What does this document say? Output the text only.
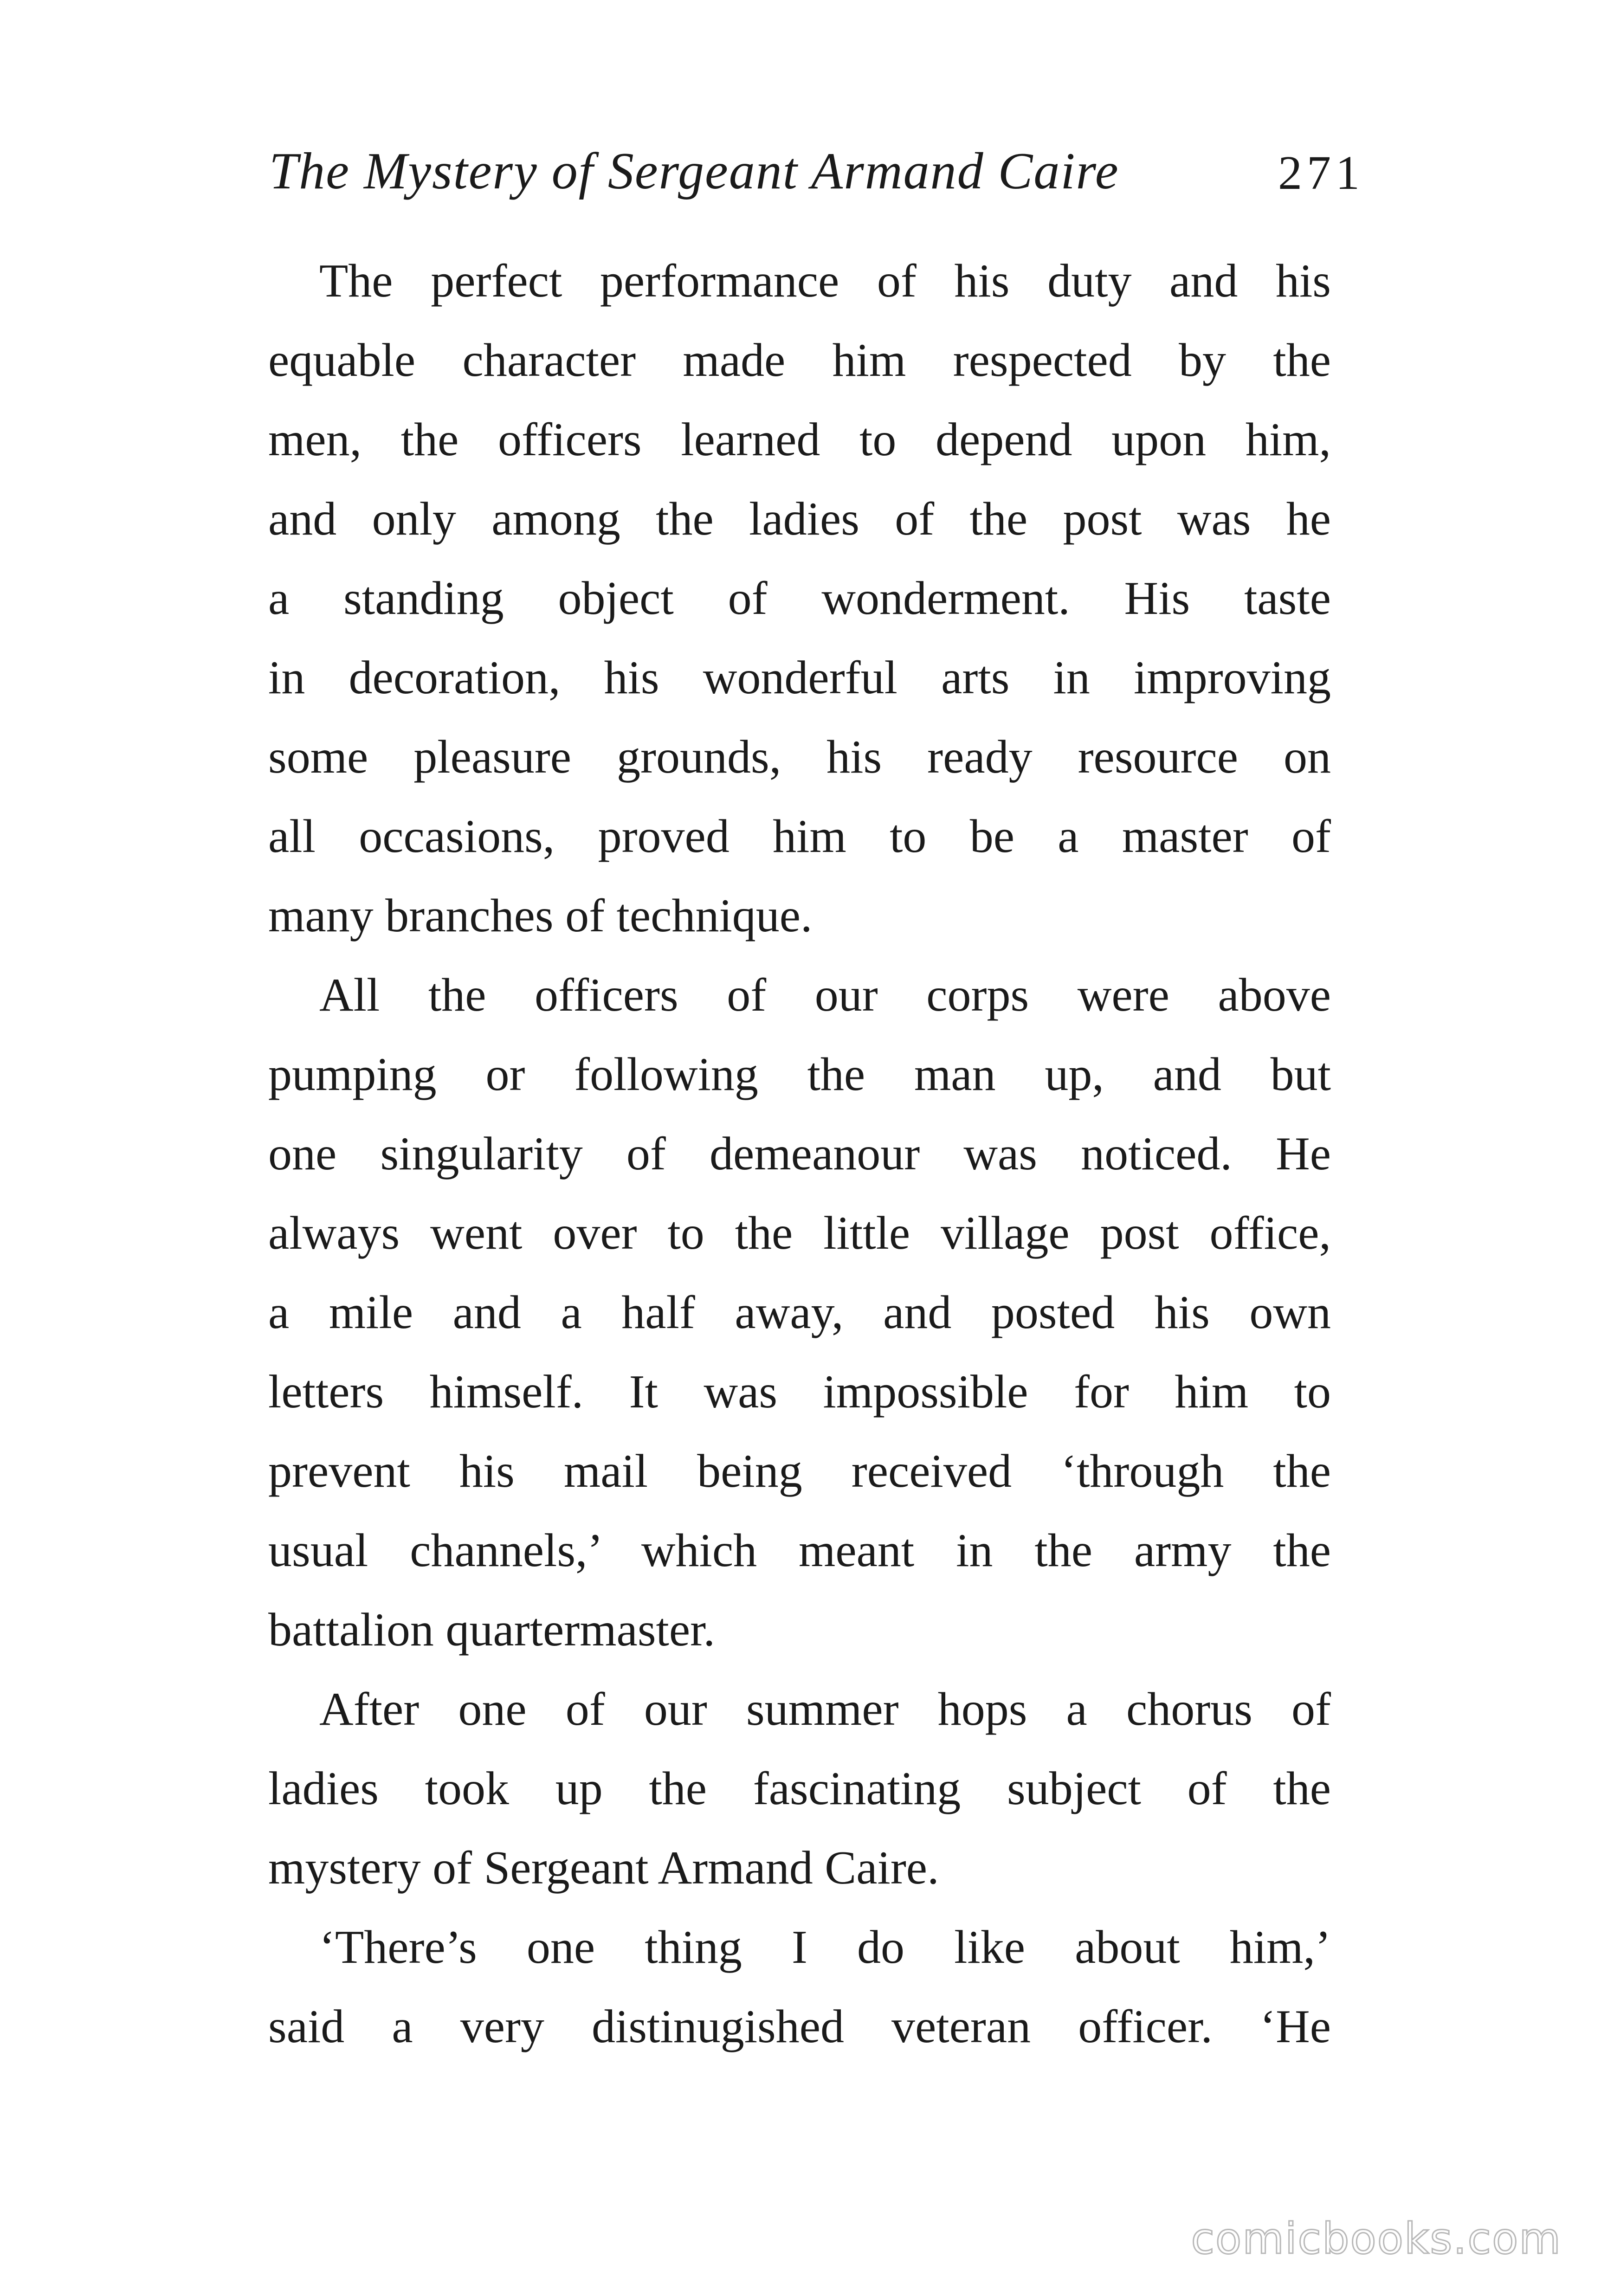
The Mystery of Sergeant Armand Caire	271
The perfect performance of his duty and his
equable character made him respected by the
men, the officers learned to depend upon him,
and only among the ladies of the post was he
a standing object of wonderment. His taste
in decoration, his wonderful arts in improving
some pleasure grounds, his ready resource on
all occasions, proved him to be a master of
many branches of technique.
All the officers of our corps were above
pumping or following the man up, and but
one singularity of demeanour was noticed. He
always went over to the little village post office,
a mile and a half away, and posted his own
letters himself. It was impossible for him to
prevent his mail being received ‘through the
usual channels,’ which meant in the army the
battalion quartermaster.
After one of our summer hops a chorus of
ladies took up the fascinating subject of the
mystery of Sergeant Armand Caire.
‘There’s one thing I do like about him,’
said a very distinugished veteran officer. ‘He
comicbooks.com
